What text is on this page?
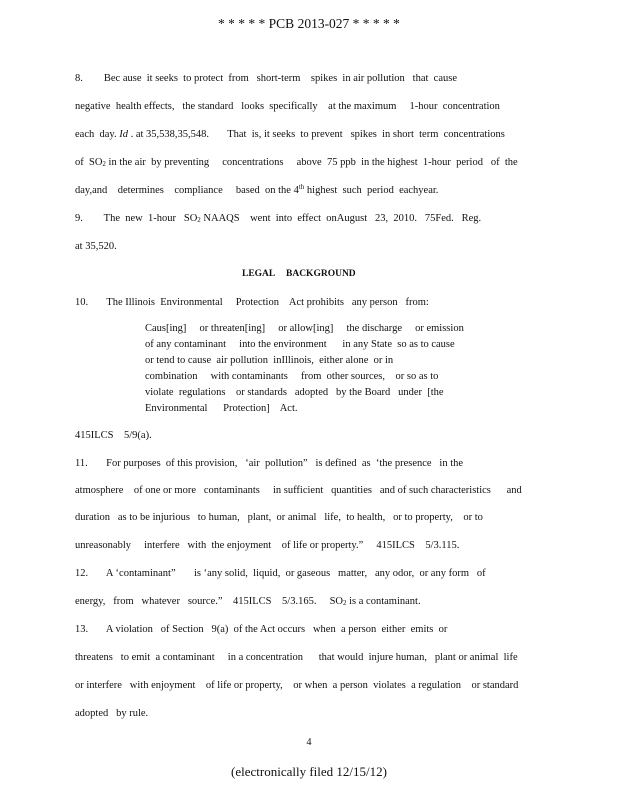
* * * * * PCB 2013-027 * * * * *
8.        Bec ause  it seeks  to protect  from   short-term    spikes  in air pollution   that  cause
negative  health effects,   the standard   looks  specifically    at the maximum     1-hour  concentration
each  day. Id . at 35,538,35,548.       That  is, it seeks  to prevent   spikes  in short  term  concentrations
of  $SO_2$ in the air  by preventing     concentrations     above  75 ppb  in the highest  1-hour  period   of  the
day,and    determines    compliance     based  on the 4th highest  such  period  eachyear.
9.        The  new  1-hour   $SO_2$ NAAQS    went  into  effect  onAugust   23,  2010.   75Fed.   Reg.
at 35,520.
LEGAL BACKGROUND
10.       The Illinois  Environmental     Protection    Act prohibits   any person   from:
Caus[ing]     or threaten[ing]     or allow[ing]     the discharge     or emission
of any contaminant     into the environment      in any State  so as to cause
or tend to cause  air pollution  inIllinois,  either alone  or in
combination     with contaminants     from  other sources,    or so as to
violate  regulations    or standards   adopted   by the Board   under  [the
Environmental      Protection]    Act.
415ILCS    5/9(a).
11.       For purposes  of this provision,   ‘air  pollution”   is defined  as  ‘the presence   in the
atmosphere    of one or more   contaminants     in sufficient   quantities   and of such characteristics      and
duration   as to be injurious   to human,   plant,  or animal   life,  to health,   or to property,    or to
unreasonably     interfere   with  the enjoyment    of life or property.”     415ILCS    5/3.115.
12.       A ‘contaminant”       is ‘any solid,  liquid,  or gaseous   matter,   any odor,  or any form   of
energy,   from   whatever   source.”    415ILCS    5/3.165.     $SO_2$ is a contaminant.
13.       A violation   of Section   9(a)  of the Act occurs   when  a person  either  emits  or
threatens   to emit  a contaminant     in a concentration      that would  injure human,   plant or animal  life
or interfere   with enjoyment    of life or property,    or when  a person  violates  a regulation    or standard
adopted   by rule.
4
(electronically filed 12/15/12)
